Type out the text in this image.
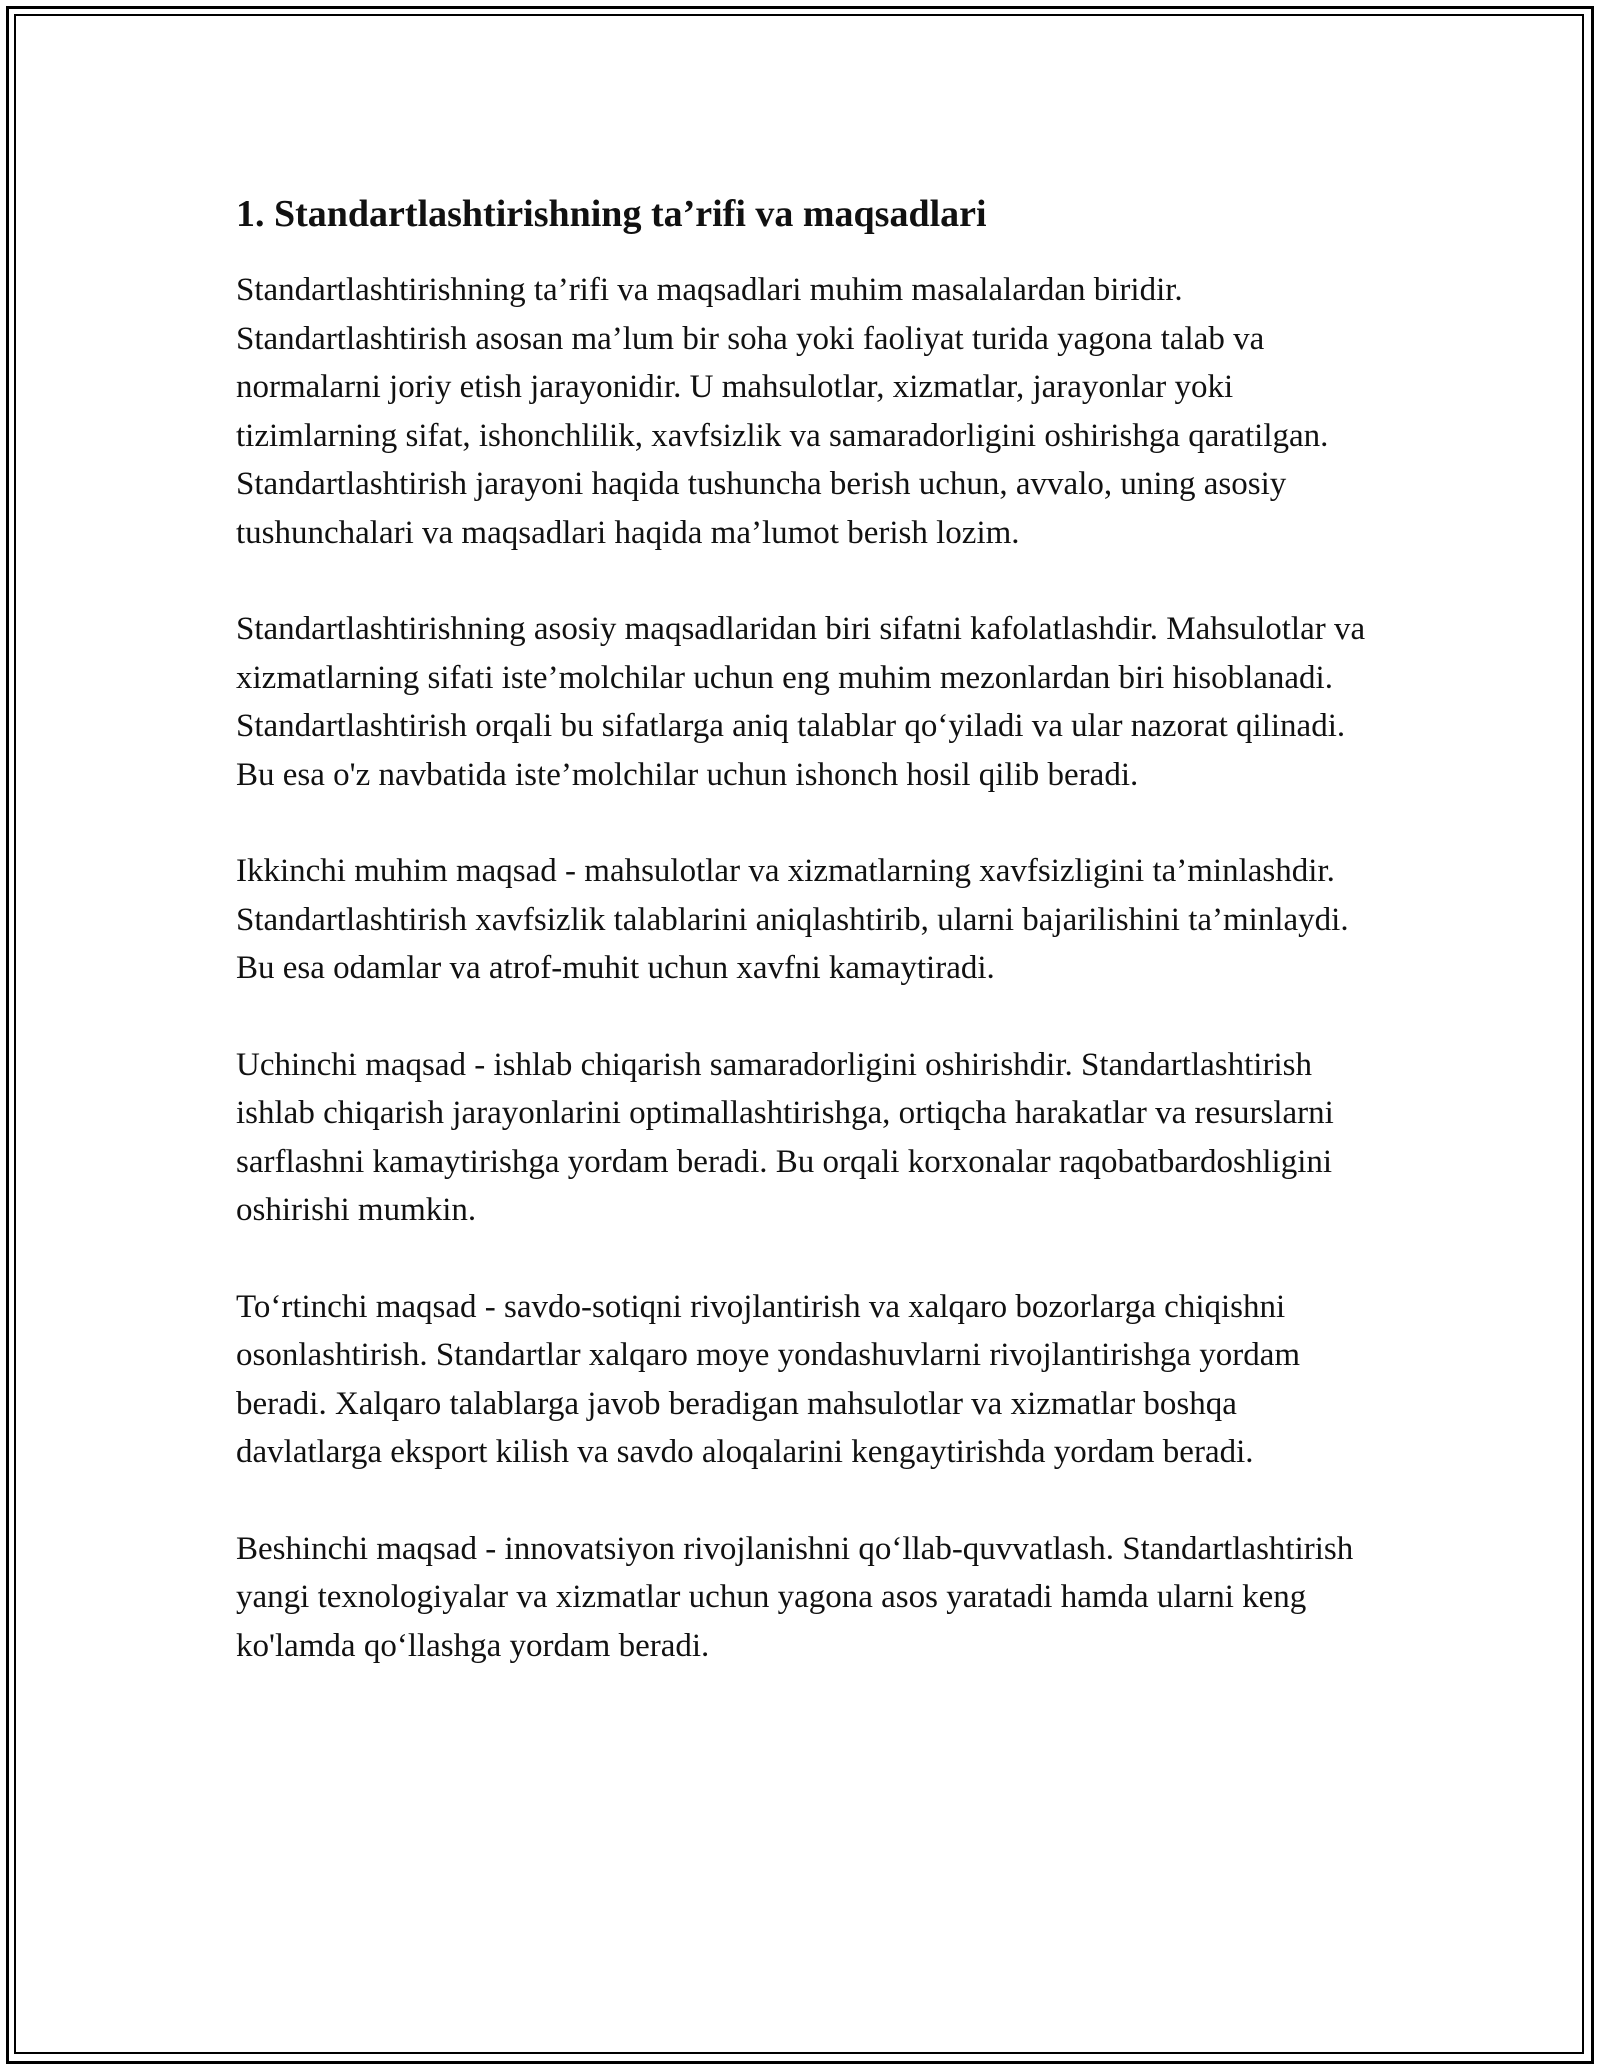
1. Standartlashtirishning ta’rifi va maqsadlari

Standartlashtirishning ta’rifi va maqsadlari muhim masalalardan biridir. Standartlashtirish asosan ma’lum bir soha yoki faoliyat turida yagona talab va normalarni joriy etish jarayonidir. U mahsulotlar, xizmatlar, jarayonlar yoki tizimlarning sifat, ishonchlilik, xavfsizlik va samaradorligini oshirishga qaratilgan. Standartlashtirish jarayoni haqida tushuncha berish uchun, avvalo, uning asosiy tushunchalari va maqsadlari haqida ma’lumot berish lozim.

Standartlashtirishning asosiy maqsadlaridan biri sifatni kafolatlashdir. Mahsulotlar va xizmatlarning sifati iste’molchilar uchun eng muhim mezonlardan biri hisoblanadi. Standartlashtirish orqali bu sifatlarga aniq talablar qo‘yiladi va ular nazorat qilinadi. Bu esa o'z navbatida iste’molchilar uchun ishonch hosil qilib beradi.

Ikkinchi muhim maqsad - mahsulotlar va xizmatlarning xavfsizligini ta’minlashdir. Standartlashtirish xavfsizlik talablarini aniqlashtirib, ularni bajarilishini ta’minlaydi. Bu esa odamlar va atrof-muhit uchun xavfni kamaytiradi.

Uchinchi maqsad - ishlab chiqarish samaradorligini oshirishdir. Standartlashtirish ishlab chiqarish jarayonlarini optimallashtirishga, ortiqcha harakatlar va resurslarni sarflashni kamaytirishga yordam beradi. Bu orqali korxonalar raqobatbardoshligini oshirishi mumkin.

To‘rtinchi maqsad - savdo-sotiqni rivojlantirish va xalqaro bozorlarga chiqishni osonlashtirish. Standartlar xalqaro moye yondashuvlarni rivojlantirishga yordam beradi. Xalqaro talablarga javob beradigan mahsulotlar va xizmatlar boshqa davlatlarga eksport kilish va savdo aloqalarini kengaytirishda yordam beradi.

Beshinchi maqsad - innovatsiyon rivojlanishni qo‘llab-quvvatlash. Standartlashtirish yangi texnologiyalar va xizmatlar uchun yagona asos yaratadi hamda ularni keng ko'lamda qo‘llashga yordam beradi.
